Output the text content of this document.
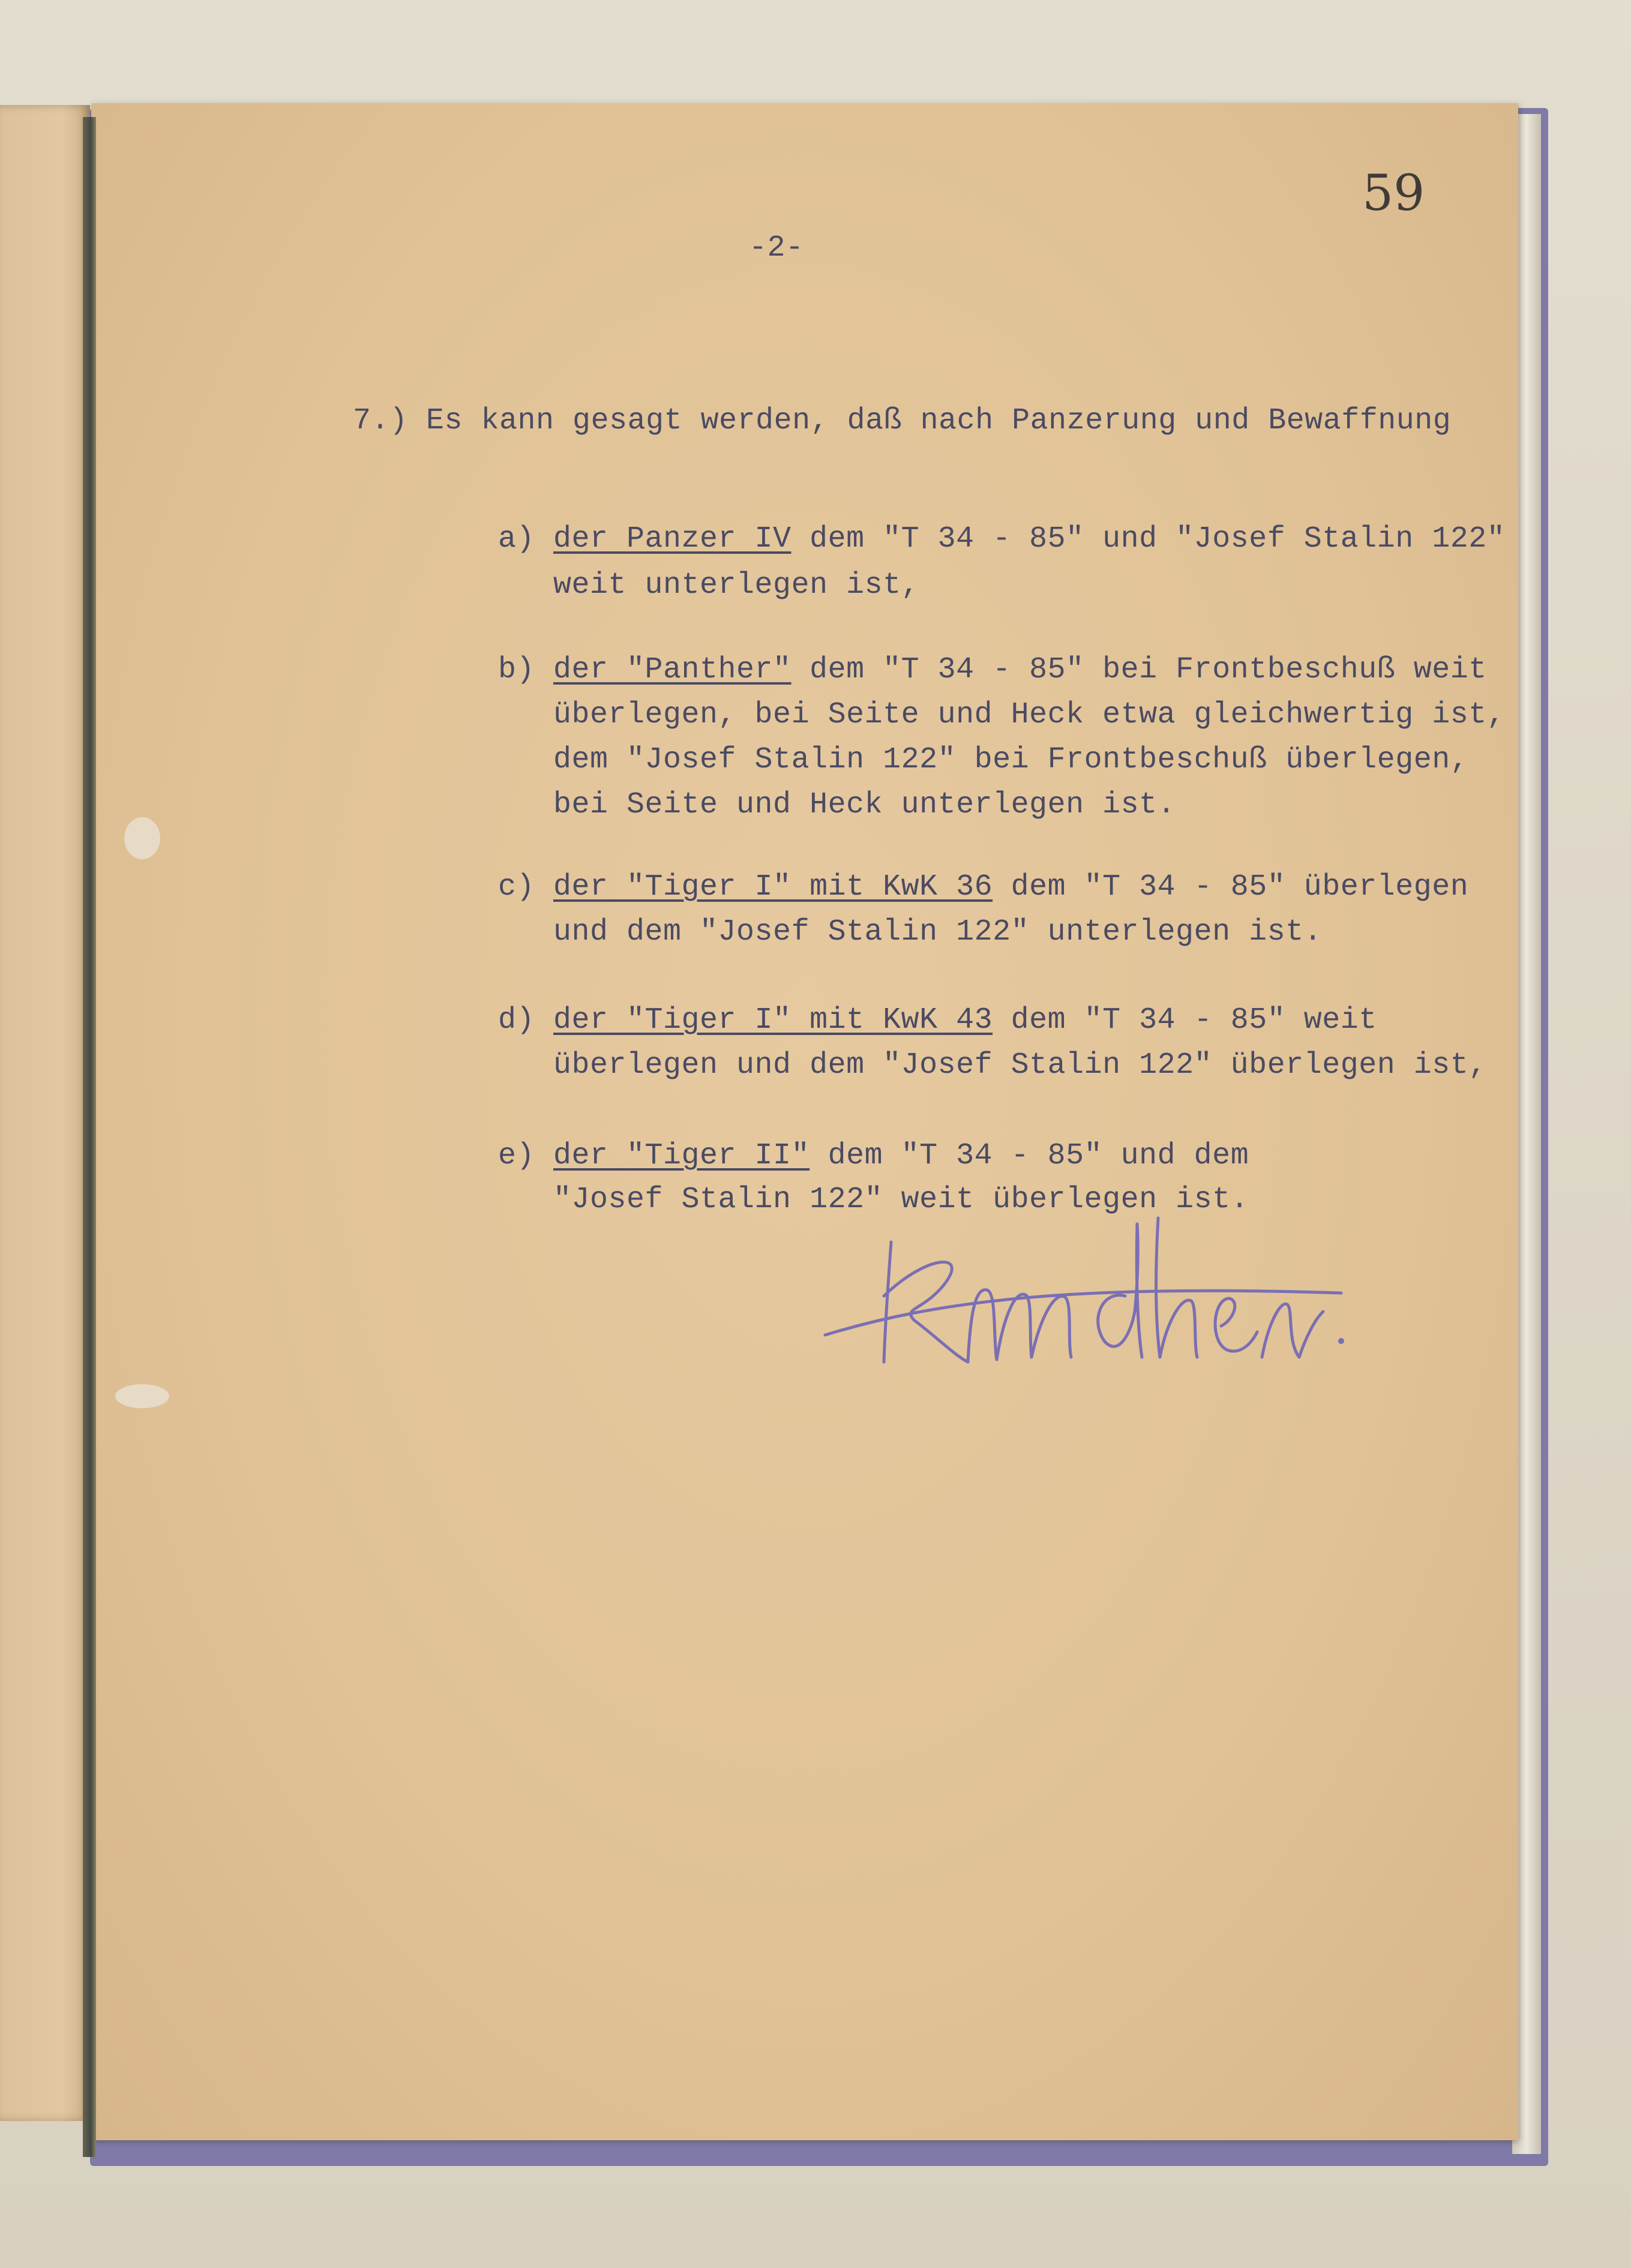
59
-2-
7.) Es kann gesagt werden, daß nach Panzerung und Bewaffnung
a) der Panzer IV dem "T 34 - 85" und "Josef Stalin 122"
weit unterlegen ist,
b) der "Panther" dem "T 34 - 85" bei Frontbeschuß weit
überlegen, bei Seite und Heck etwa gleichwertig ist,
dem "Josef Stalin 122" bei Frontbeschuß überlegen,
bei Seite und Heck unterlegen ist.
c) der "Tiger I" mit KwK 36 dem "T 34 - 85" überlegen
und dem "Josef Stalin 122" unterlegen ist.
d) der "Tiger I" mit KwK 43 dem "T 34 - 85" weit
überlegen und dem "Josef Stalin 122" überlegen ist,
e) der "Tiger II" dem "T 34 - 85" und dem
"Josef Stalin 122" weit überlegen ist.
